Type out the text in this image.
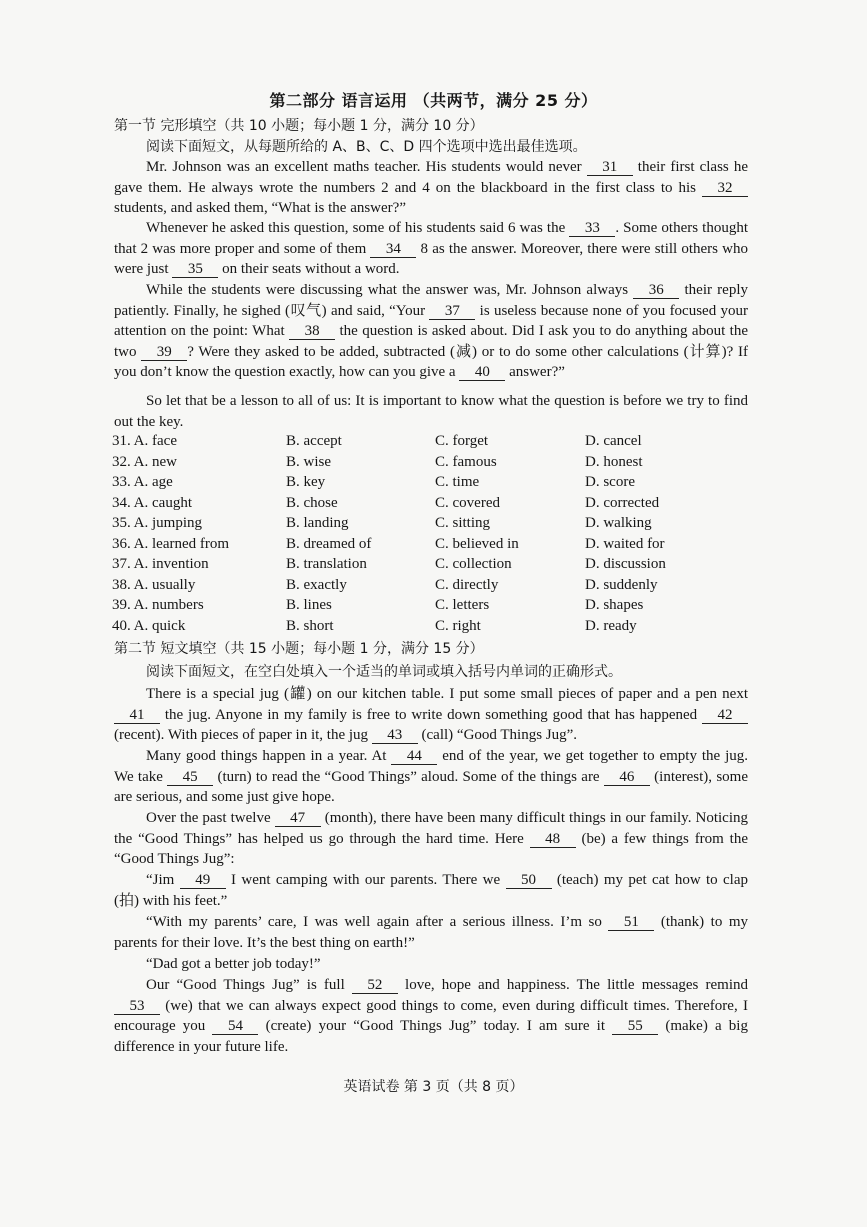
第二部分 语言运用 （共两节，满分 25 分）
第一节 完形填空（共 10 小题；每小题 1 分，满分 10 分）
阅读下面短文，从每题所给的 A、B、C、D 四个选项中选出最佳选项。
Mr. Johnson was an excellent maths teacher. His students would never 31 their first class he gave them. He always wrote the numbers 2 and 4 on the blackboard in the first class to his 32 students, and asked them, “What is the answer?”
Whenever he asked this question, some of his students said 6 was the 33 . Some others thought that 2 was more proper and some of them 34 8 as the answer. Moreover, there were still others who were just 35 on their seats without a word.
While the students were discussing what the answer was, Mr. Johnson always 36 their reply patiently. Finally, he sighed (叹气) and said, “Your 37 is useless because none of you focused your attention on the point: What 38 the question is asked about. Did I ask you to do anything about the two 39 ? Were they asked to be added, subtracted (减) or to do some other calculations (计算)? If you don’t know the question exactly, how can you give a 40 answer?”
So let that be a lesson to all of us: It is important to know what the question is before we try to find out the key.
31. A. face	B. accept	C. forget	D. cancel
32. A. new	B. wise	C. famous	D. honest
33. A. age	B. key	C. time	D. score
34. A. caught	B. chose	C. covered	D. corrected
35. A. jumping	B. landing	C. sitting	D. walking
36. A. learned from	B. dreamed of	C. believed in	D. waited for
37. A. invention	B. translation	C. collection	D. discussion
38. A. usually	B. exactly	C. directly	D. suddenly
39. A. numbers	B. lines	C. letters	D. shapes
40. A. quick	B. short	C. right	D. ready
第二节 短文填空（共 15 小题；每小题 1 分，满分 15 分）
阅读下面短文，在空白处填入一个适当的单词或填入括号内单词的正确形式。
There is a special jug (罐) on our kitchen table. I put some small pieces of paper and a pen next 41 the jug. Anyone in my family is free to write down something good that has happened 42 (recent). With pieces of paper in it, the jug 43 (call) “Good Things Jug”.
Many good things happen in a year. At 44 end of the year, we get together to empty the jug. We take 45 (turn) to read the “Good Things” aloud. Some of the things are 46 (interest), some are serious, and some just give hope.
Over the past twelve 47 (month), there have been many difficult things in our family. Noticing the “Good Things” has helped us go through the hard time. Here 48 (be) a few things from the “Good Things Jug”:
“Jim 49 I went camping with our parents. There we 50 (teach) my pet cat how to clap (拍) with his feet.”
“With my parents’ care, I was well again after a serious illness. I’m so 51 (thank) to my parents for their love. It’s the best thing on earth!”
“Dad got a better job today!”
Our “Good Things Jug” is full 52 love, hope and happiness. The little messages remind 53 (we) that we can always expect good things to come, even during difficult times. Therefore, I encourage you 54 (create) your “Good Things Jug” today. I am sure it 55 (make) a big difference in your future life.
英语试卷 第 3 页（共 8 页）
